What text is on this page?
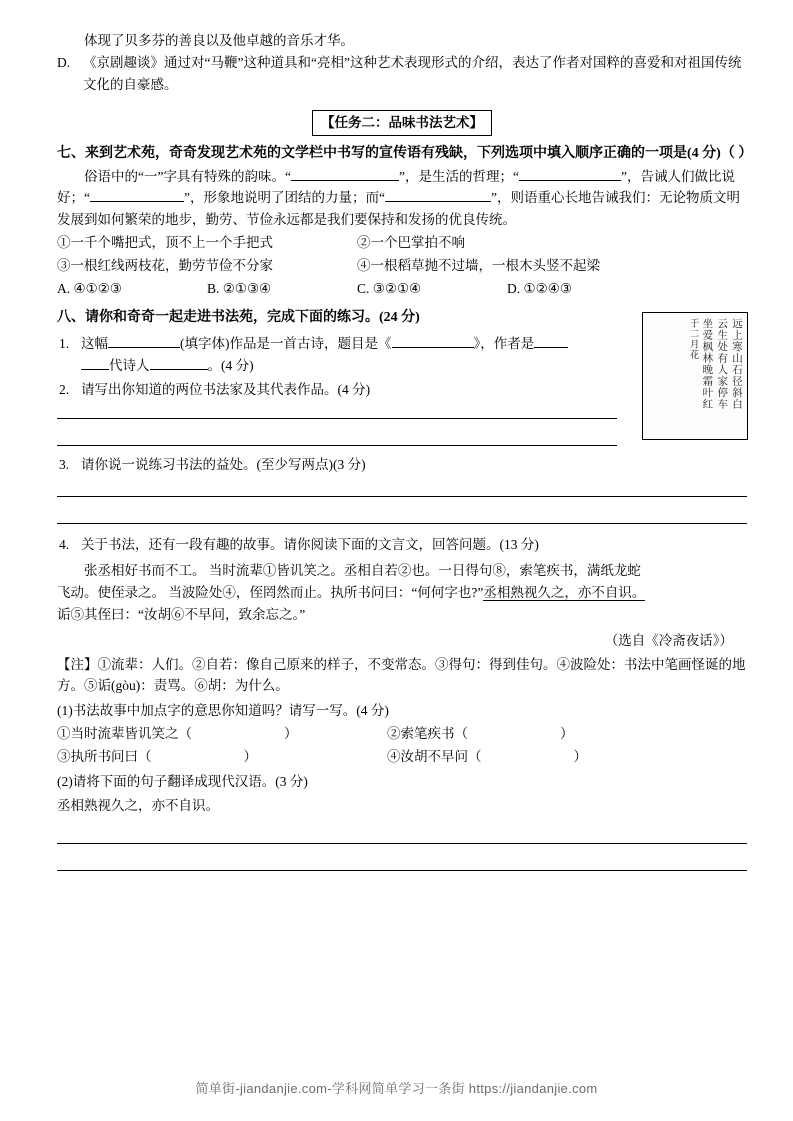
体现了贝多芬的善良以及他卓越的音乐才华。

D. 《京剧趣谈》通过对“马鞭”这种道具和“亮相”这种艺术表现形式的介绍，表达了作者对国粹的喜爱和对祖国传统文化的自豪感。
【任务二：品味书法艺术】

七、来到艺术苑，奇奇发现艺术苑的文学栏中书写的宣传语有残缺，下列选项中填入顺序正确的一项是(4 分)（ ）

俗语中的“一”字具有特殊的韵味。“	”，是生活的哲理；“	”，告诫人们做比说好；“	”，形象地说明了团结的力量；而“	”，则语重心长地告诫我们：无论物质文明发展到如何繁荣的地步，勤劳、节俭永远都是我们要保持和发扬的优良传统。

①一千个嘴把式，顶不上一个手把式	②一个巴掌拍不响
③一根红线两枝花，勤劳节俭不分家	④一根稻草抛不过墙，一根木头竖不起梁
A. ④①②③	B. ②①③④	C. ③②①④	D. ①②④③

八、请你和奇奇一起走进书法苑，完成下面的练习。(24 分)

远上寒山石径斜白
云生处有人家停车
坐爱枫林晚霜叶红
于二月花
1. 这幅	(填字体)作品是一首古诗，题目是《	》，作者是
代诗人	。(4 分)
2. 请写出你知道的两位书法家及其代表作品。(4 分)
3. 请你说一说练习书法的益处。(至少写两点)(3 分)
4. 关于书法，还有一段有趣的故事。请你阅读下面的文言文，回答问题。(13 分)

张丞相好书而不工。 当时流辈①皆讥笑之。丞相自若②也。一日得句⑧，索笔疾书，满纸龙蛇

飞动。使侄录之。 当波险处④，侄罔然而止。执所书问曰：“何何字也?”丞相熟视久之，亦不自识。

诟⑤其侄曰：“汝胡⑥不早问，致余忘之。”

（选自《冷斋夜话》）

【注】①流辈：人们。②自若：像自己原来的样子，不变常态。③得句：得到佳句。④波险处：书法中笔画怪诞的地方。⑤诟(gòu)：责骂。⑥胡：为什么。

(1)书法故事中加点字的意思你知道吗？请写一写。(4 分)

①当时流辈皆讥笑之（	）	②索笔疾书（	）
③执所书问曰（	）	④汝胡不早问（	）

(2)请将下面的句子翻译成现代汉语。(3 分)

丞相熟视久之，亦不自识。

简单街-jiandanjie.com-学科网简单学习一条街 https://jiandanjie.com
